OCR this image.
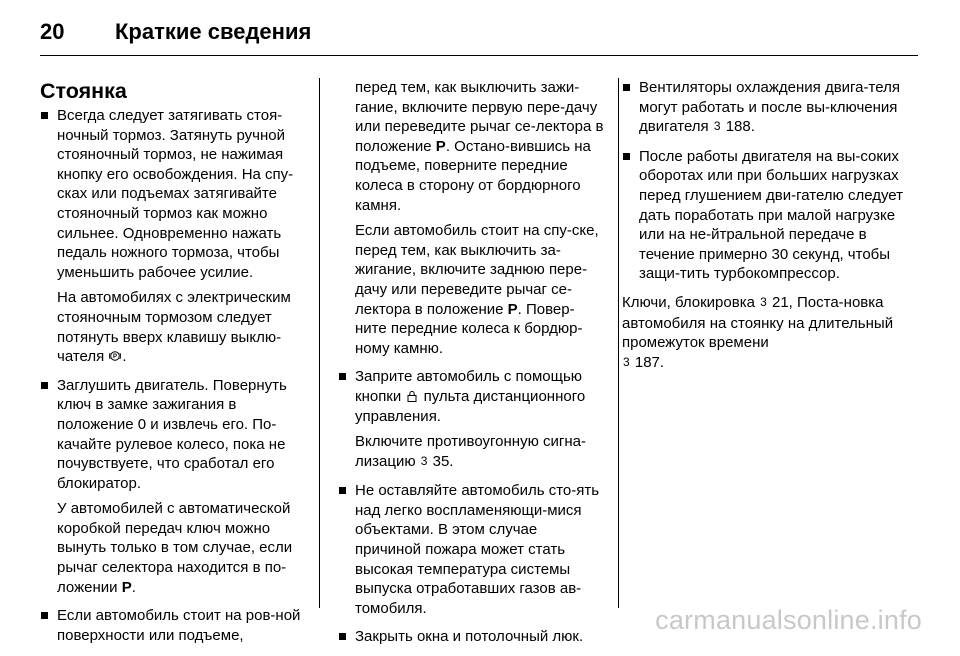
20	Краткие сведения
Стоянка

Всегда следует затягивать стоя-ночный тормоз. Затянуть ручной стояночный тормоз, не нажимая кнопку его освобождения. На спу-сках или подъемах затягивайте стояночный тормоз как можно сильнее. Одновременно нажать педаль ножного тормоза, чтобы уменьшить рабочее усилие.

На автомобилях с электрическим стояночным тормозом следует потянуть вверх клавишу выклю-чателя P .

Заглушить двигатель. Повернуть ключ в замке зажигания в положение 0 и извлечь его. По-качайте рулевое колесо, пока не почувствуете, что сработал его блокиратор.

У автомобилей с автоматической коробкой передач ключ можно вынуть только в том случае, если рычаг селектора находится в по-ложении P.

Если автомобиль стоит на ров-ной поверхности или подъеме,

перед тем, как выключить зажи-гание, включите первую пере-дачу или переведите рычаг се-лектора в положение P. Остано-вившись на подъеме, поверните передние колеса в сторону от бордюрного камня.

Если автомобиль стоит на спу-ске, перед тем, как выключить за-жигание, включите заднюю пере-дачу или переведите рычаг се-лектора в положение P. Повер-ните передние колеса к бордюр-ному камню.

Заприте автомобиль с помощью кнопки пульта дистанционного управления.

Включите противоугонную сигна-лизацию 3 35.

Не оставляйте автомобиль сто-ять над легко воспламеняющи-мися объектами. В этом случае причиной пожара может стать высокая температура системы выпуска отработавших газов ав-томобиля.

Закрыть окна и потолочный люк.

Вентиляторы охлаждения двига-теля могут работать и после вы-ключения двигателя 3 188.

После работы двигателя на вы-соких оборотах или при больших нагрузках перед глушением дви-гателю следует дать поработать при малой нагрузке или на не-йтральной передаче в течение примерно 30 секунд, чтобы защи-тить турбокомпрессор.

Ключи, блокировка 3 21, Поста-новка автомобиля на стоянку на длительный промежуток времени
3 187.

carmanualsonline.info
